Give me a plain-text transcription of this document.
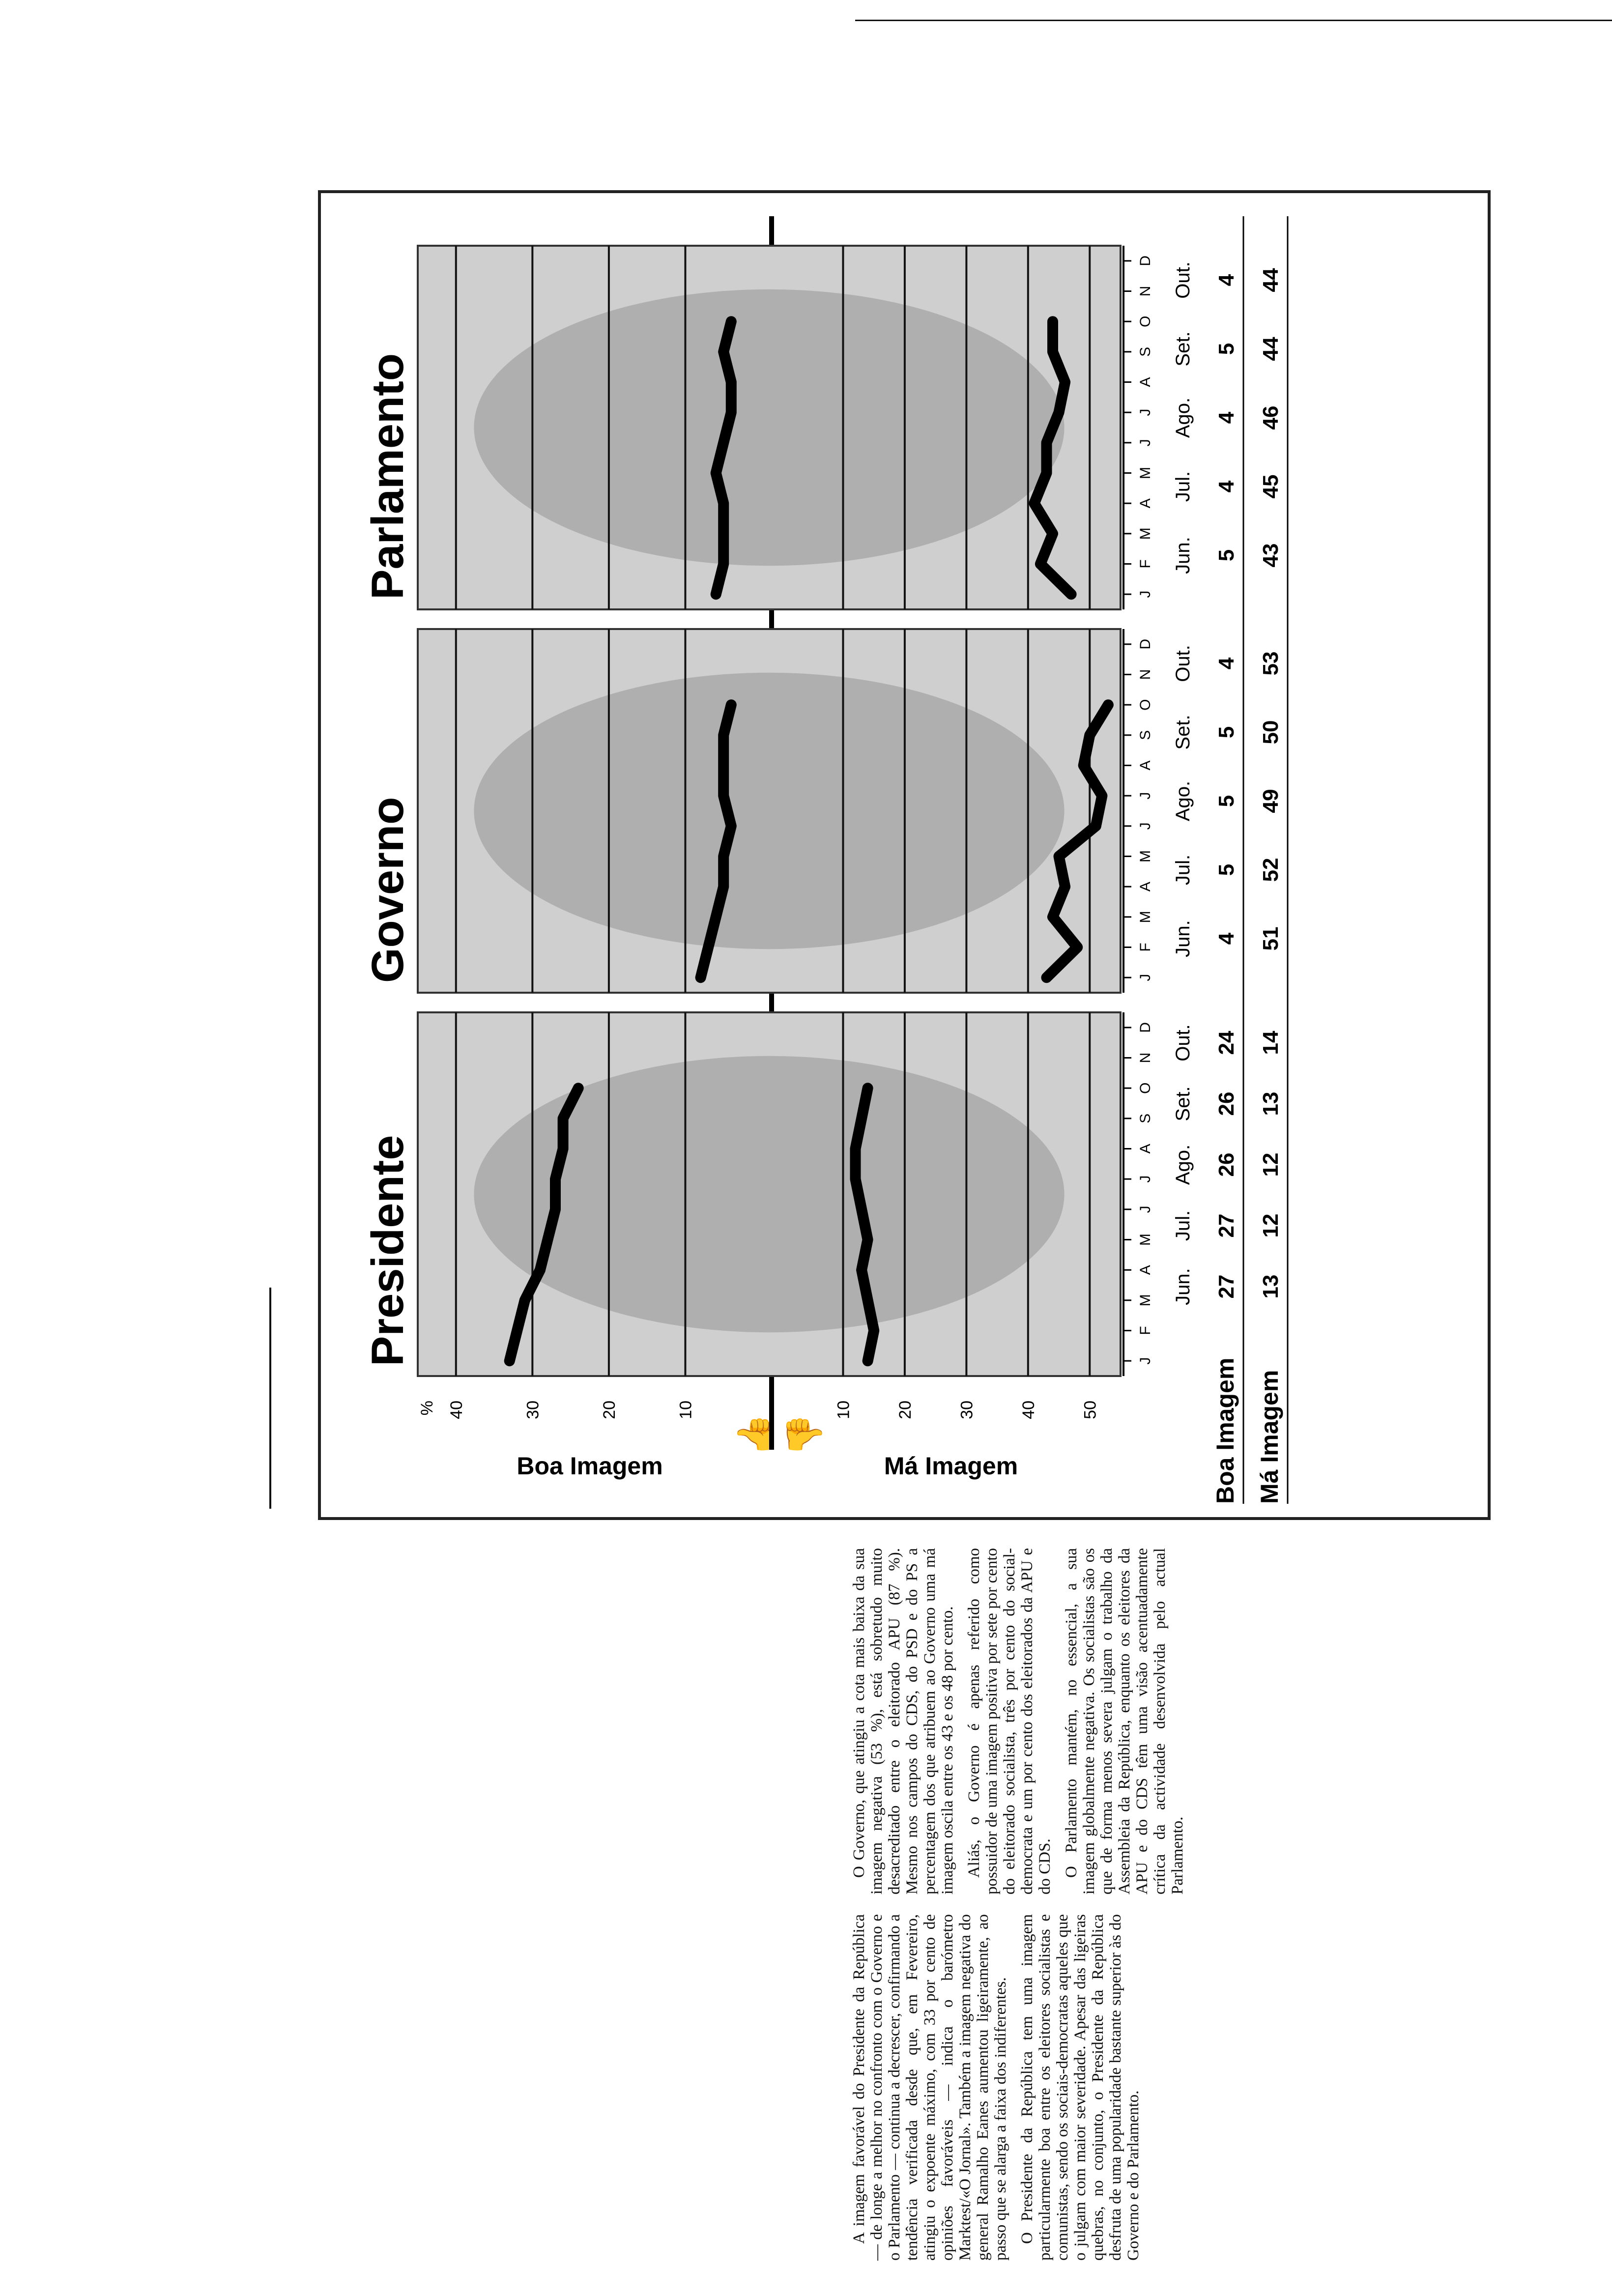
%	10
20
30
40	10	20	30	40	50
Boa Imagem	Má Imagem
👍 👎
Presidente	J
F
M
A
M
J
J
A
S
O
N
D
Governo	J
F
M
A
M
J
J
A
S
O
N
D
Parlamento	J
F
M
A
M
J
J
A
S
O
N
D
Boa Imagem Má Imagem
Jun. 27 13
Jul. 27 12
Ago. 26 12
Set. 26 13
Out. 24 14
Jun. 4 51
Jul. 5 52
Ago. 5 49
Set. 5 50
Out. 4 53
Jun. 5 43
Jul. 4 45
Ago. 4 46
Set. 5 44
Out. 4 44

A imagem favorável do Presidente da República — de longe a melhor no confronto com o Governo e o Parlamento — continua a decrescer, confirmando a tendência verificada desde que, em Fevereiro, atingiu o expoente máximo, com 33 por cento de opiniões favoráveis — indica o barómetro Marktest/«O Jornal». Também a imagem negativa do general Ramalho Eanes aumentou ligeiramente, ao passo que se alarga a faixa dos indiferentes. O Presidente da República tem uma imagem particularmente boa entre os eleitores socialistas e comunistas, sendo os sociais-democratas aqueles que o julgam com maior severidade. Apesar das ligeiras quebras, no conjunto, o Presidente da República desfruta de uma popularidade bastante superior às do Governo e do Parlamento.

O Governo, que atingiu a cota mais baixa da sua imagem negativa (53 %), está sobretudo muito desacreditado entre o eleitorado APU (87 %). Mesmo nos campos do CDS, do PSD e do PS a percentagem dos que atribuem ao Governo uma má imagem oscila entre os 43 e os 48 por cento. Aliás, o Governo é apenas referido como possuidor de uma imagem positiva por sete por cento do eleitorado socialista, três por cento do social-democrata e um por cento dos eleitorados da APU e do CDS. O Parlamento mantém, no essencial, a sua imagem globalmente negativa. Os socialistas são os que de forma menos severa julgam o trabalho da Assembleia da República, enquanto os eleitores da APU e do CDS têm uma visão acentuadamente crítica da actividade desenvolvida pelo actual Parlamento.
